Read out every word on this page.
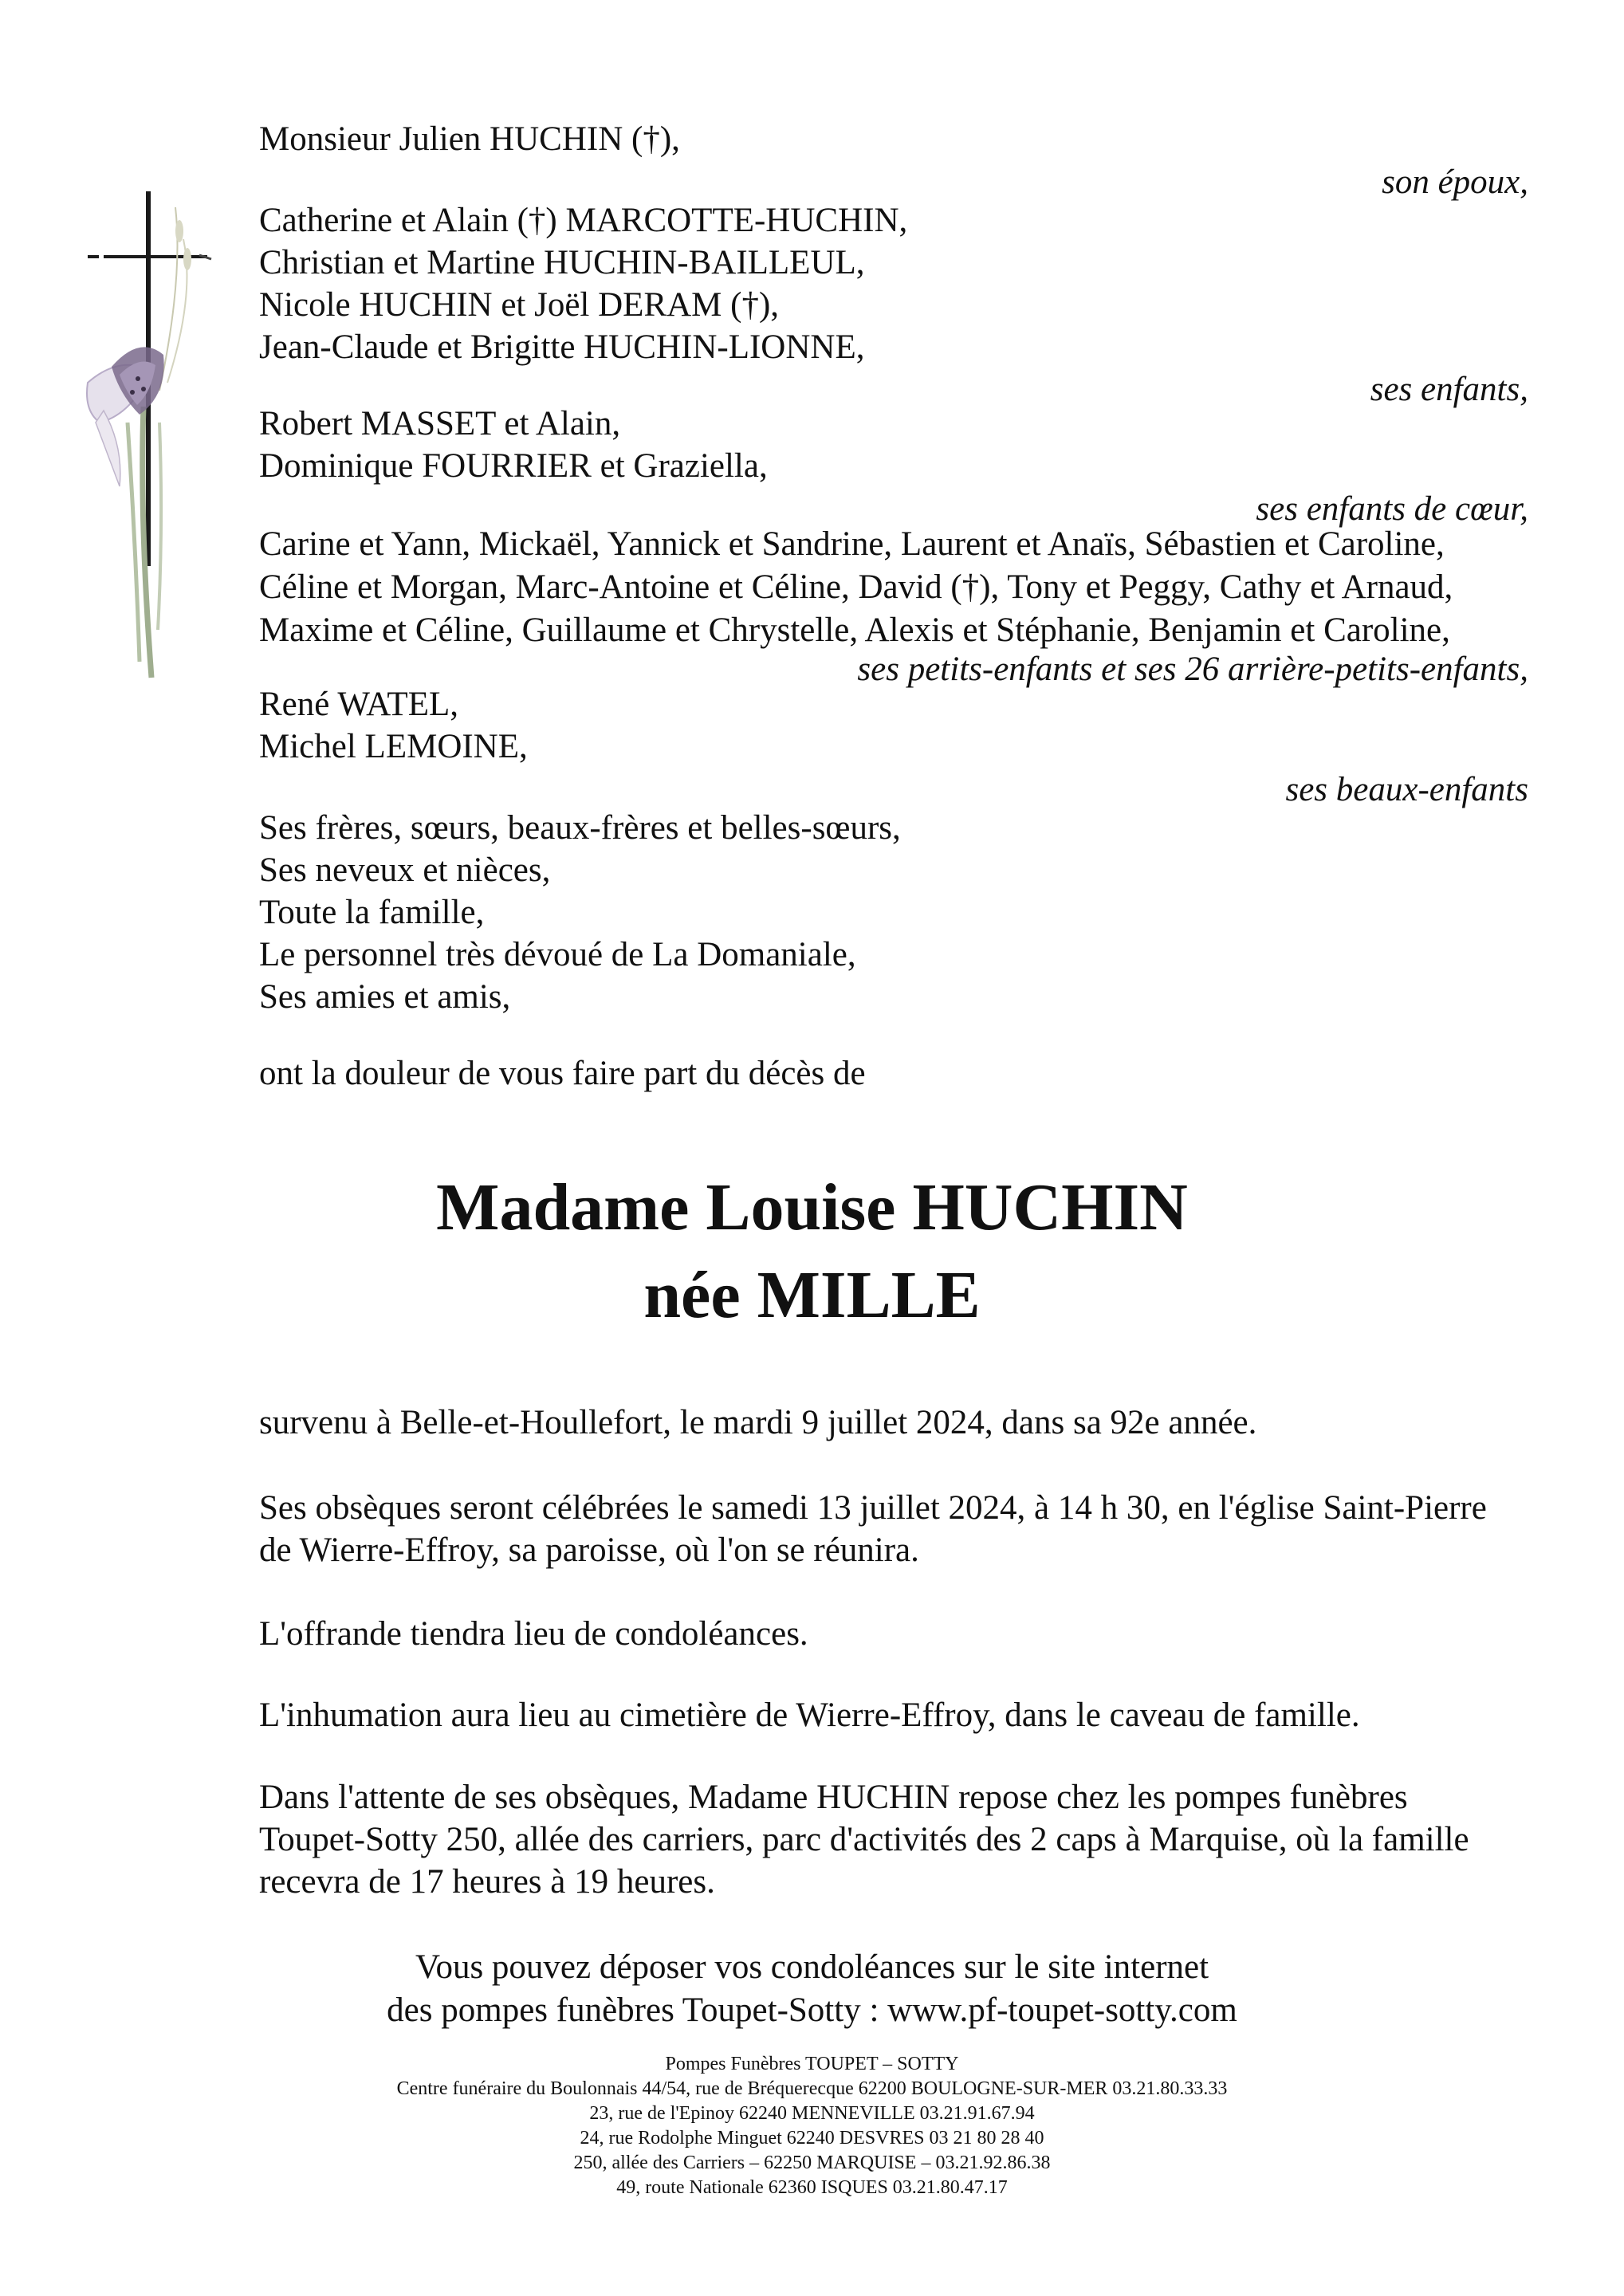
Monsieur Julien HUCHIN (†),
son époux,
Catherine et Alain (†) MARCOTTE-HUCHIN,
Christian et Martine HUCHIN-BAILLEUL,
Nicole HUCHIN et Joël DERAM (†),
Jean-Claude et Brigitte HUCHIN-LIONNE,
ses enfants,
Robert MASSET et Alain,
Dominique FOURRIER et Graziella,
ses enfants de cœur,
Carine et Yann, Mickaël, Yannick et Sandrine, Laurent et Anaïs, Sébastien et Caroline,
Céline et Morgan, Marc-Antoine et Céline, David (†), Tony et Peggy, Cathy et Arnaud,
Maxime et Céline, Guillaume et Chrystelle, Alexis et Stéphanie, Benjamin et Caroline,
ses petits-enfants et ses 26 arrière-petits-enfants,
René WATEL,
Michel LEMOINE,
ses beaux-enfants
Ses frères, sœurs, beaux-frères et belles-sœurs,
Ses neveux et nièces,
Toute la famille,
Le personnel très dévoué de La Domaniale,
Ses amies et amis,
ont la douleur de vous faire part du décès de
Madame Louise HUCHIN
née MILLE
survenu à Belle-et-Houllefort, le mardi 9 juillet 2024, dans sa 92e année.
Ses obsèques seront célébrées le samedi 13 juillet 2024, à 14 h 30, en l'église Saint-Pierre
de Wierre-Effroy, sa paroisse, où l'on se réunira.
L'offrande tiendra lieu de condoléances.
L'inhumation aura lieu au cimetière de Wierre-Effroy, dans le caveau de famille.
Dans l'attente de ses obsèques, Madame HUCHIN repose chez les pompes funèbres
Toupet-Sotty 250, allée des carriers, parc d'activités des 2 caps à Marquise, où la famille
recevra de 17 heures à 19 heures.
Vous pouvez déposer vos condoléances sur le site internet
des pompes funèbres Toupet-Sotty : www.pf-toupet-sotty.com
Pompes Funèbres TOUPET – SOTTY
Centre funéraire du Boulonnais 44/54, rue de Bréquerecque 62200 BOULOGNE-SUR-MER 03.21.80.33.33
23, rue de l'Epinoy 62240 MENNEVILLE 03.21.91.67.94
24, rue Rodolphe Minguet 62240 DESVRES 03 21 80 28 40
250, allée des Carriers – 62250 MARQUISE – 03.21.92.86.38
49, route Nationale 62360 ISQUES 03.21.80.47.17
